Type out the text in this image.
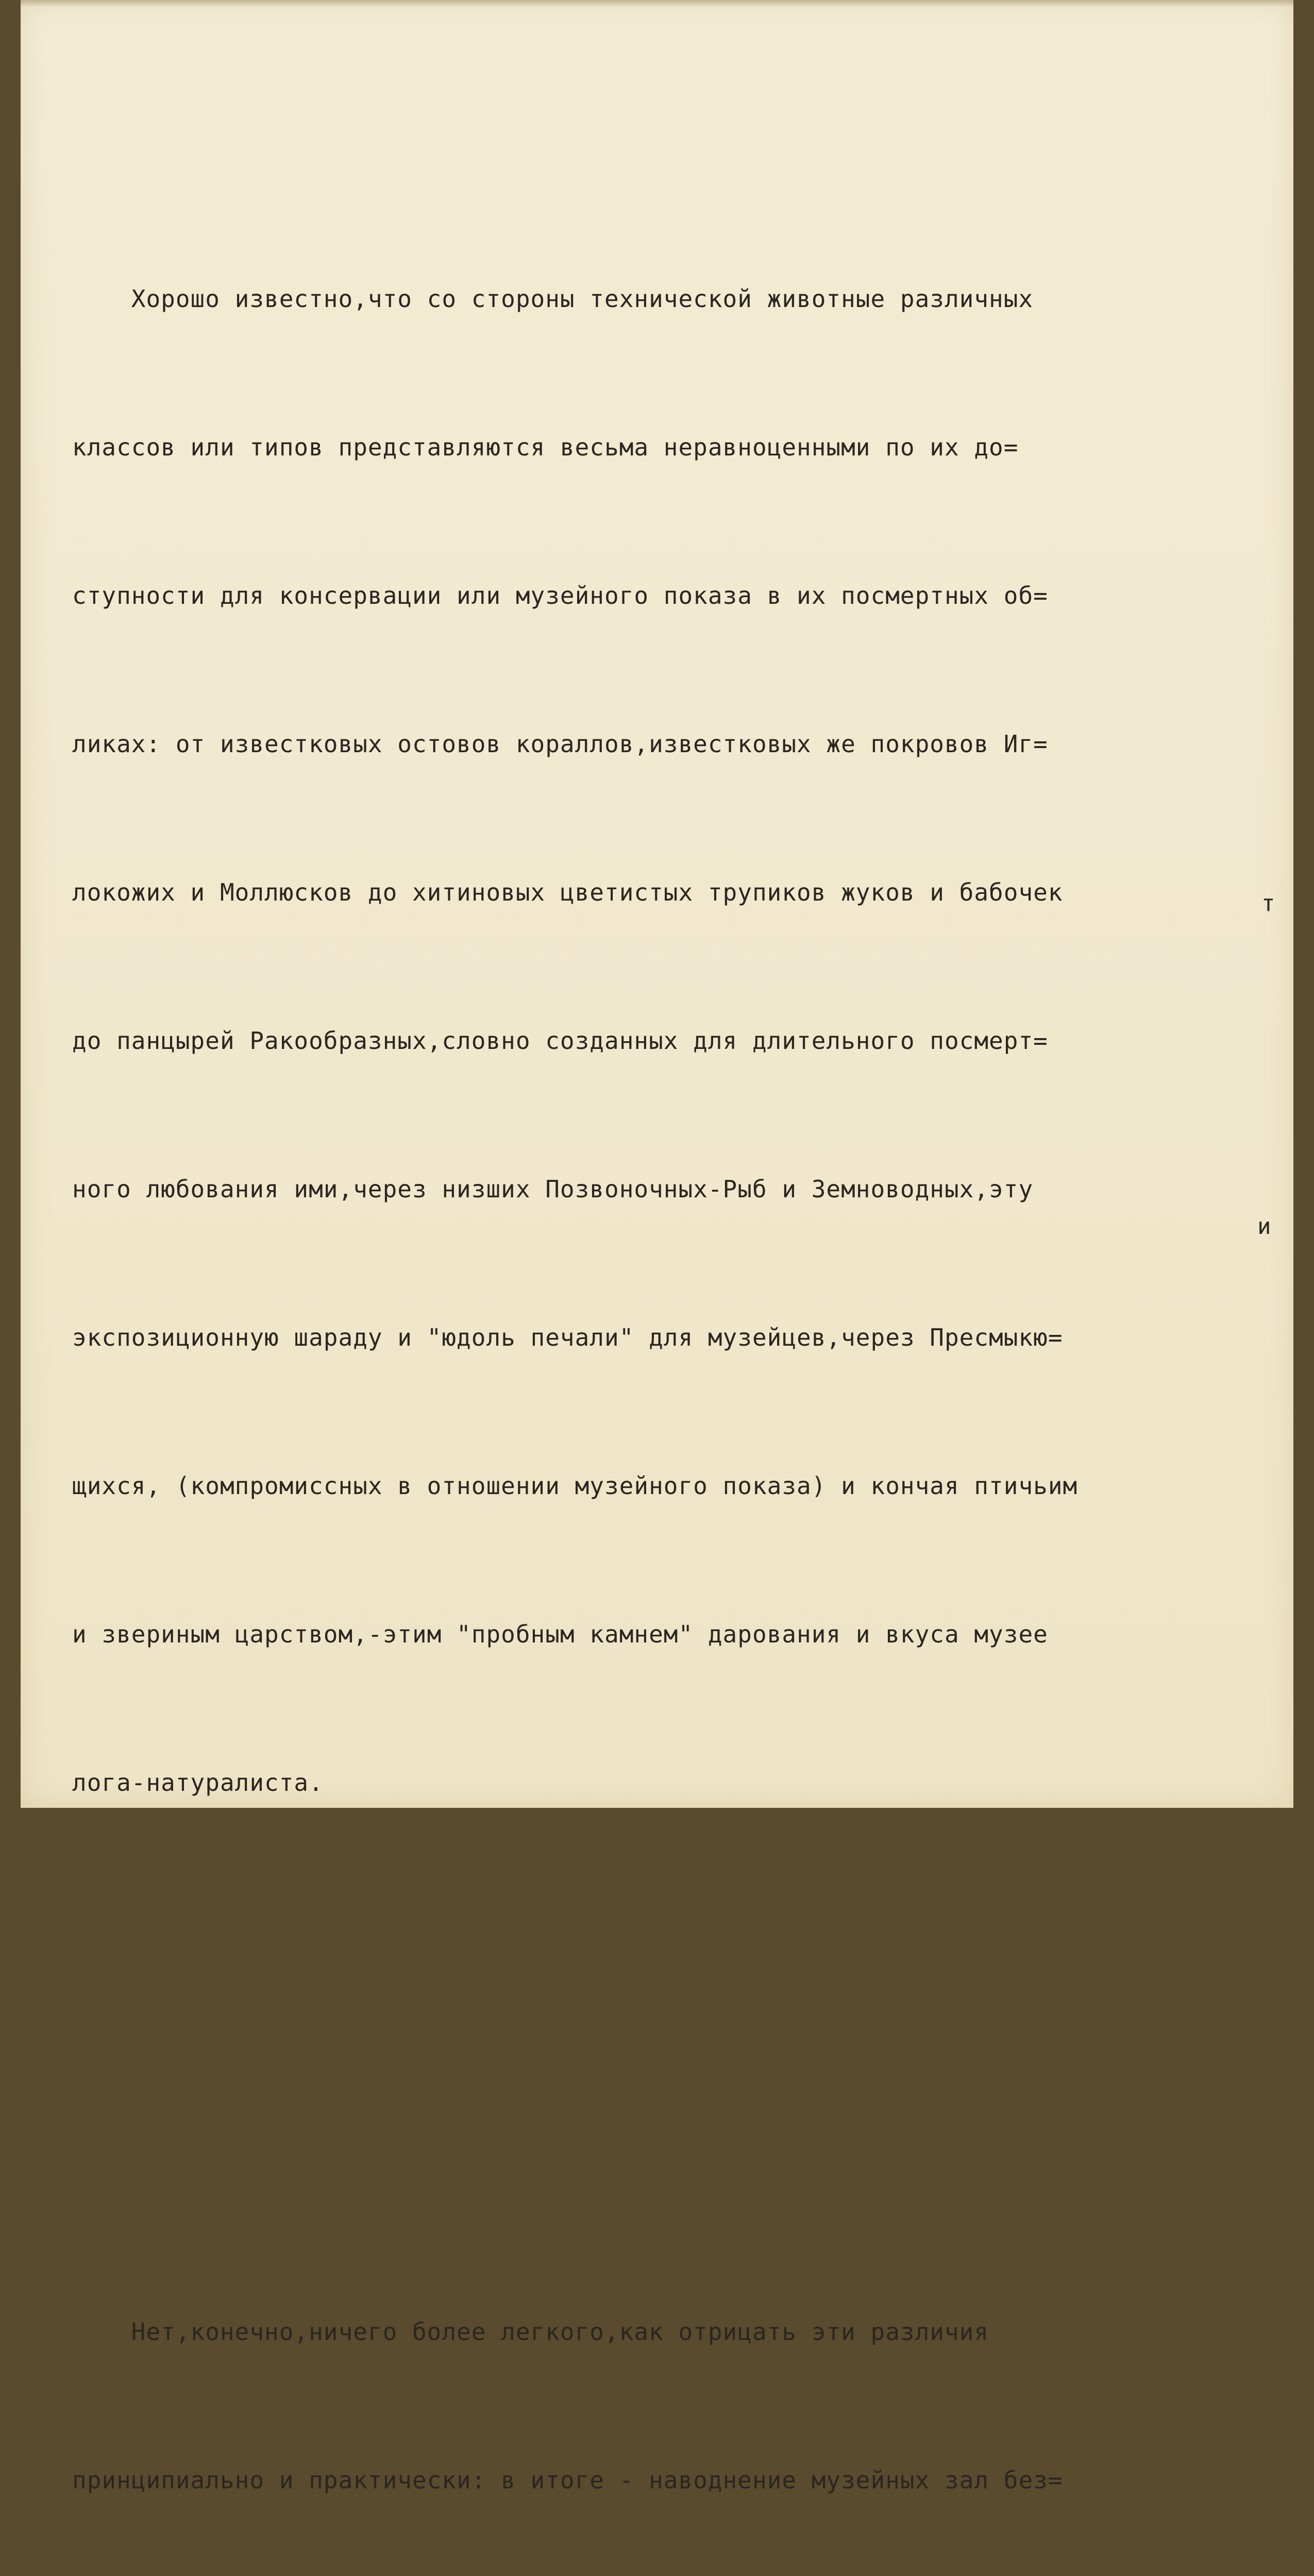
Хорошо известно,что со стороны технической животные различных

классов или типов представляются весьма неравноценными по их до=

ступности для консервации или музейного показа в их посмертных об=

ликах: от известковых остовов кораллов,известковых же покровов Иг=

локожих и Моллюсков до хитиновых цветистых трупиков жуков и бабочек

до панцырей Ракообразных,словно созданных для длительного посмерт=

ного любования ими,через низших Позвоночных-Рыб и Земноводных,эту

экспозиционную шараду и "юдоль печали" для музейцев,через Пресмыкю=

щихся, (компромиссных в отношении музейного показа) и кончая птичьим

и звериным царством,-этим "пробным камнем" дарования и вкуса музее

лога-натуралиста.

Нет,конечно,ничего более легкого,как отрицать эти различия

принципиально и практически: в итоге - наводнение музейных зал без=

т
и
